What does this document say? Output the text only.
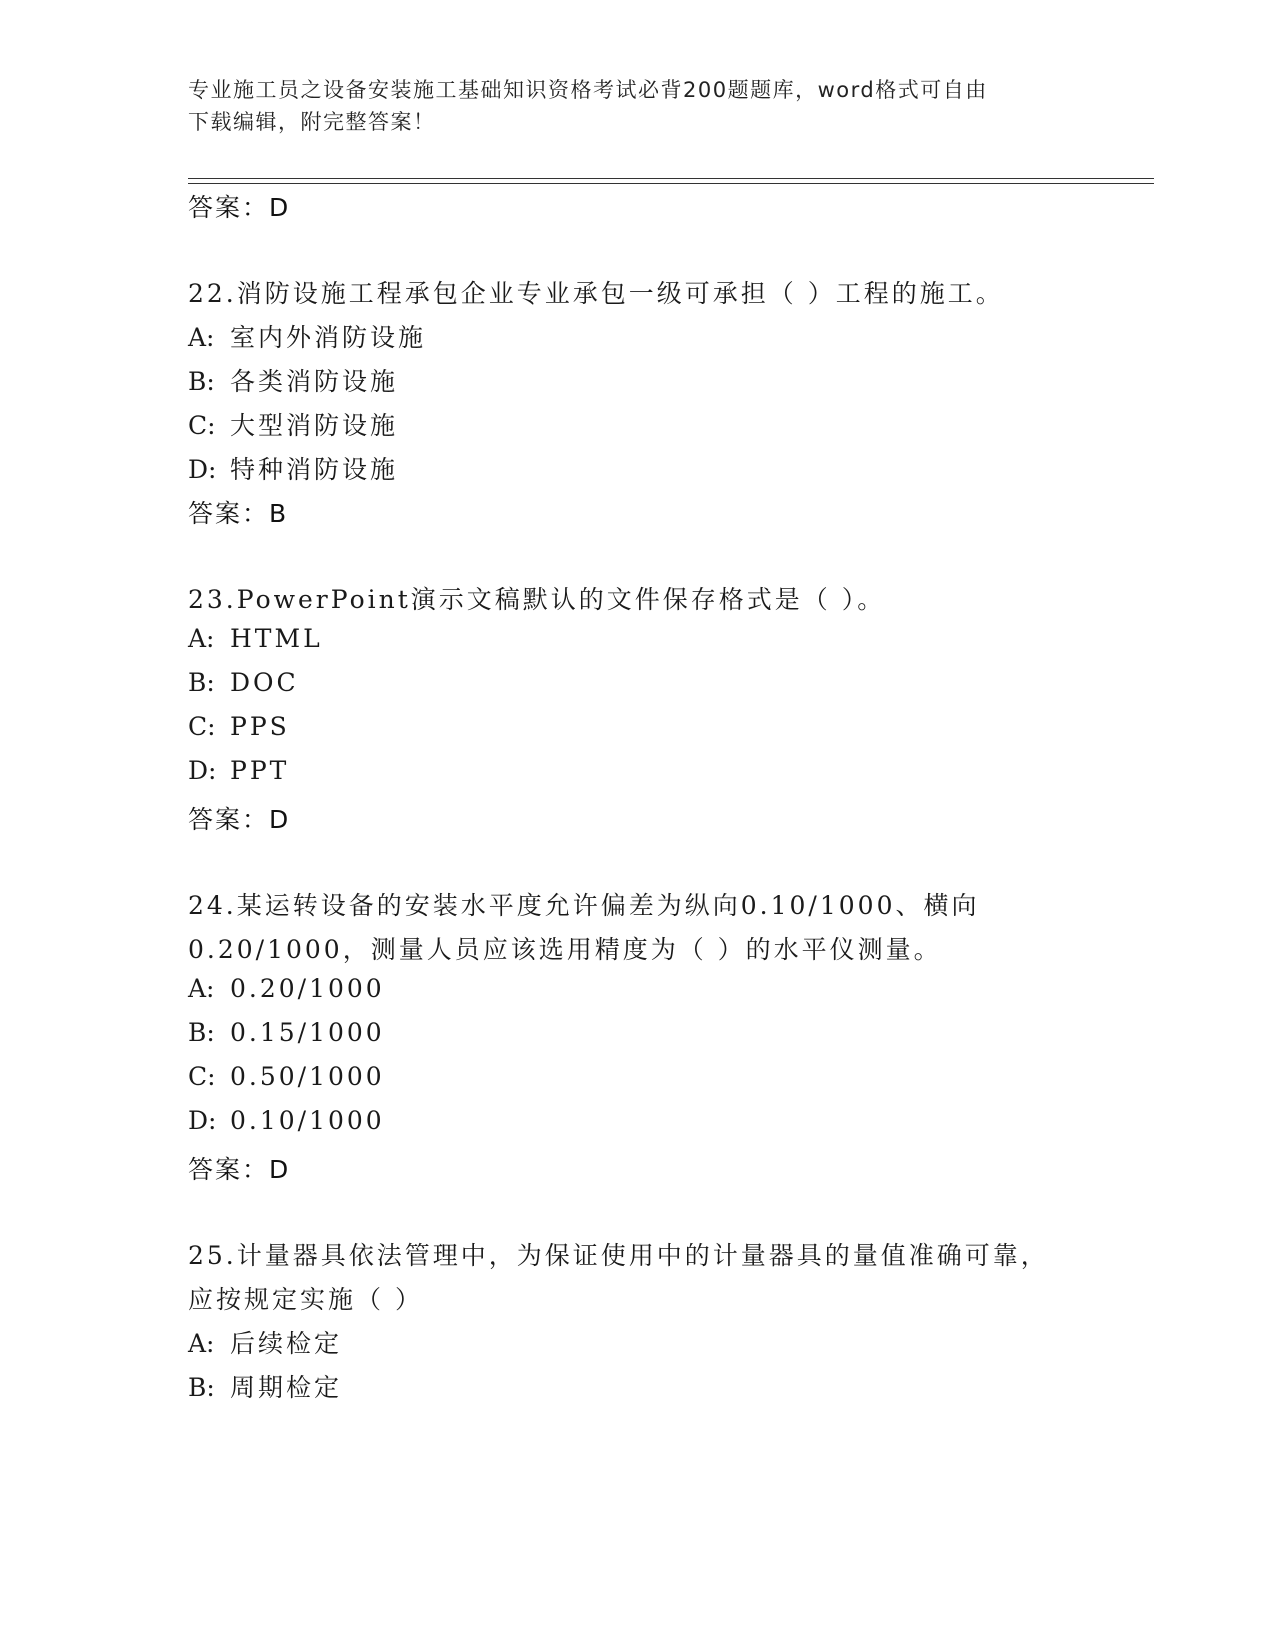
专业施工员之设备安装施工基础知识资格考试必背200题题库，word格式可自由
下载编辑，附完整答案！
答案：D
22.消防设施工程承包企业专业承包一级可承担（ ）工程的施工。
A: 室内外消防设施
B: 各类消防设施
C: 大型消防设施
D: 特种消防设施
答案：B
23.PowerPoint演示文稿默认的文件保存格式是（ ）。
A: HTML
B: DOC
C: PPS
D: PPT
答案：D
24.某运转设备的安装水平度允许偏差为纵向0.10/1000、横向
0.20/1000，测量人员应该选用精度为（ ）的水平仪测量。
A: 0.20/1000
B: 0.15/1000
C: 0.50/1000
D: 0.10/1000
答案：D
25.计量器具依法管理中，为保证使用中的计量器具的量值准确可靠，
应按规定实施（ ）
A: 后续检定
B: 周期检定
